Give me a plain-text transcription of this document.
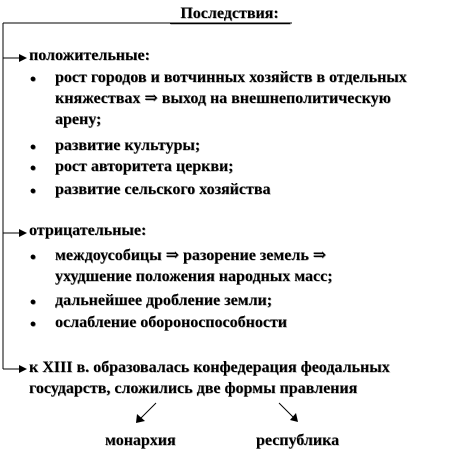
Последствия:
положительные:
● рост городов и вотчинных хозяйств в отдельных
княжествах ⇒ выход на внешнеполитическую
арену;
● развитие культуры;
● рост авторитета церкви;
● развитие сельского хозяйства
отрицательные:
● междоусобицы ⇒ разорение земель ⇒
ухудшение положения народных масс;
● дальнейшее дробление земли;
● ослабление обороноспособности
к XIII в. образовалась конфедерация феодальных
государств, сложились две формы правления
монархия	республика
